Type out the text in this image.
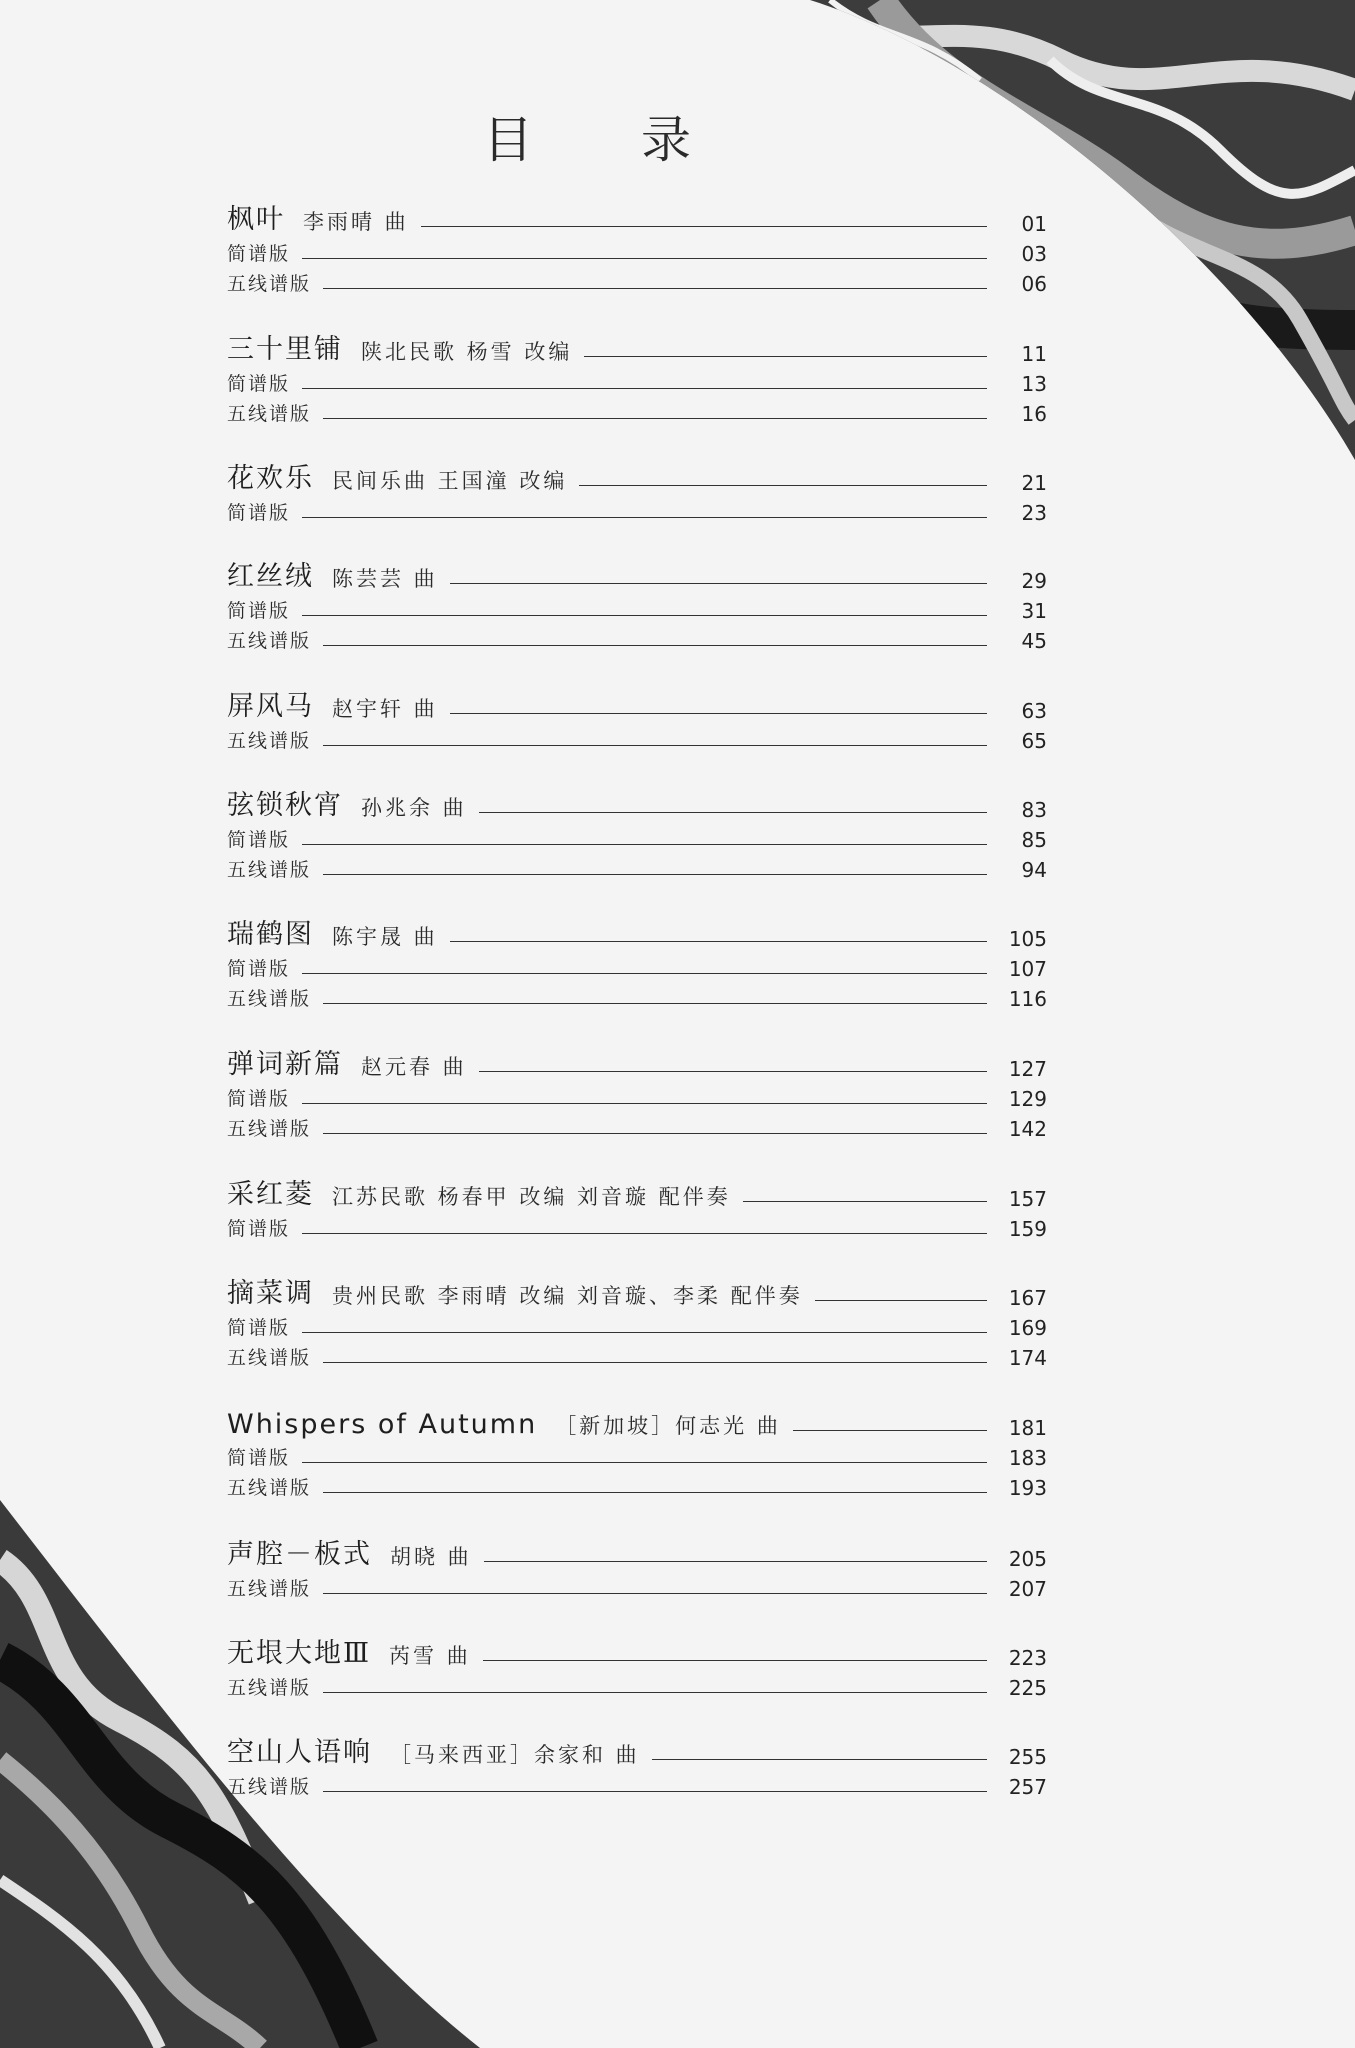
目 录
枫叶 李雨晴 曲	01
简谱版	03
五线谱版	06
三十里铺 陕北民歌 杨雪 改编	11
简谱版	13
五线谱版	16
花欢乐 民间乐曲 王国潼 改编	21
简谱版	23
红丝绒 陈芸芸 曲	29
简谱版	31
五线谱版	45
屏风马 赵宇轩 曲	63
五线谱版	65
弦锁秋宵 孙兆余 曲	83
简谱版	85
五线谱版	94
瑞鹤图 陈宇晟 曲	105
简谱版	107
五线谱版	116
弹词新篇 赵元春 曲	127
简谱版	129
五线谱版	142
采红菱 江苏民歌 杨春甲 改编 刘音璇 配伴奏	157
简谱版	159
摘菜调 贵州民歌 李雨晴 改编 刘音璇、李柔 配伴奏	167
简谱版	169
五线谱版	174
Whispers of Autumn ［新加坡］何志光 曲	181
简谱版	183
五线谱版	193
声腔－板式 胡晓 曲	205
五线谱版	207
无垠大地Ⅲ 芮雪 曲	223
五线谱版	225
空山人语响 ［马来西亚］余家和 曲	255
五线谱版	257
